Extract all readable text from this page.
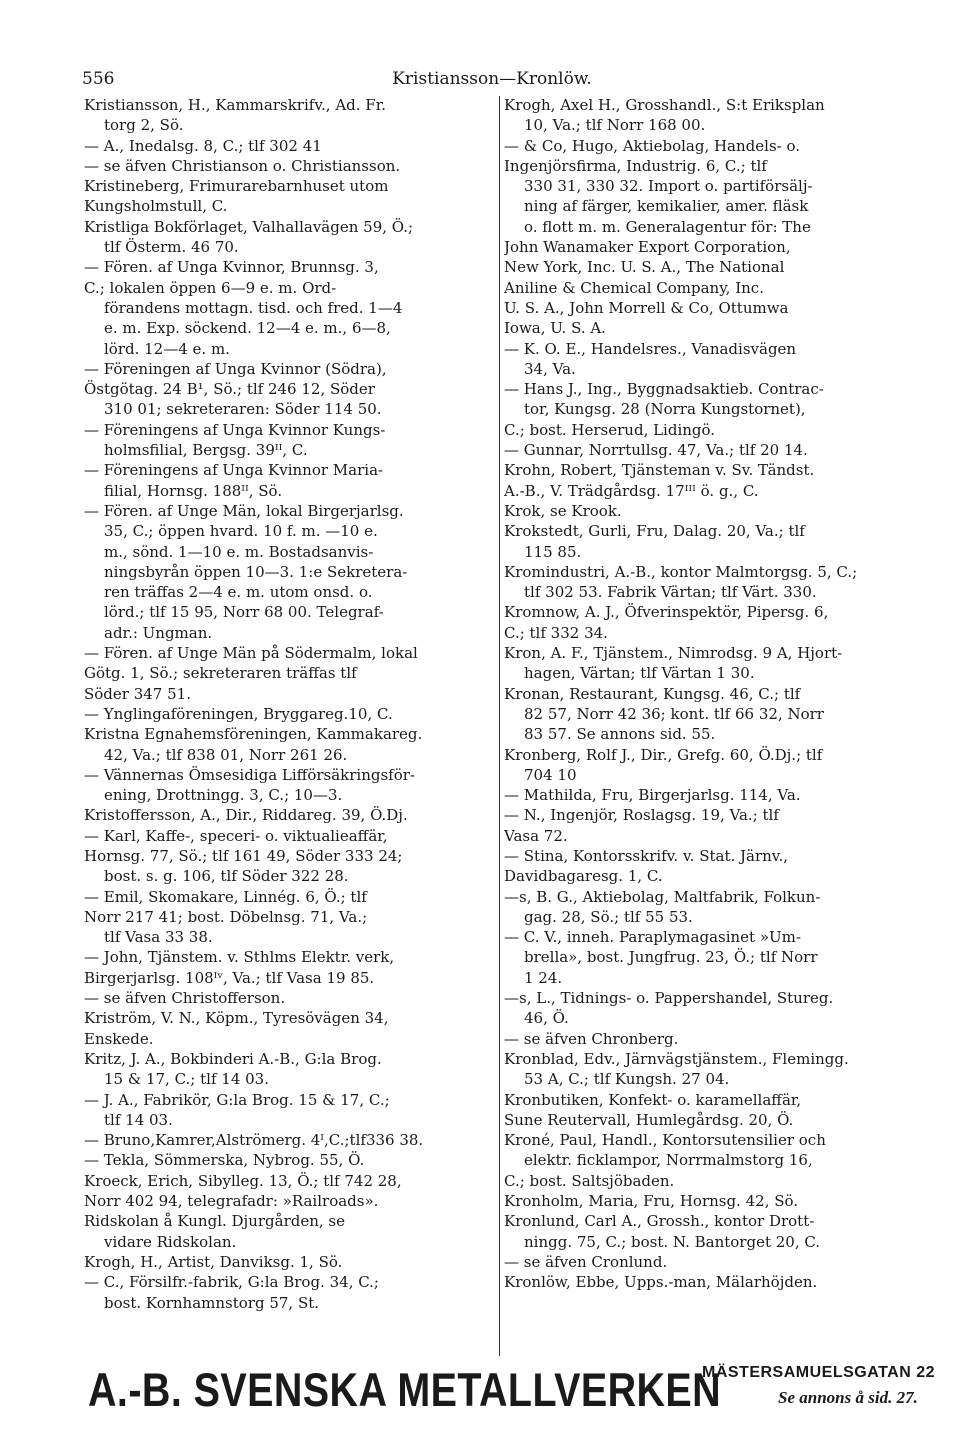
556	Kristiansson—Kronlöw.

Kristiansson, H., Kammarskrifv., Ad. Fr.

torg 2, Sö.

— A., Inedalsg. 8, C.; tlf 302 41

— se äfven Christianson o. Christiansson.

Kristineberg, Frimurarebarnhuset utom

Kungsholmstull, C.

Kristliga Bokförlaget, Valhallavägen 59, Ö.;

tlf Österm. 46 70.

— Fören. af Unga Kvinnor, Brunnsg. 3,

C.; lokalen öppen 6—9 e. m. Ord-

förandens mottagn. tisd. och fred. 1—4

e. m. Exp. söckend. 12—4 e. m., 6—8,

lörd. 12—4 e. m.

— Föreningen af Unga Kvinnor (Södra),

Östgötag. 24 B¹, Sö.; tlf 246 12, Söder

310 01; sekreteraren: Söder 114 50.

— Föreningens af Unga Kvinnor Kungs-

holmsfilial, Bergsg. 39ᴵᴵ, C.

— Föreningens af Unga Kvinnor Maria-

filial, Hornsg. 188ᴵᴵ, Sö.

— Fören. af Unge Män, lokal Birgerjarlsg.

35, C.; öppen hvard. 10 f. m. —10 e.

m., sönd. 1—10 e. m. Bostadsanvis-

ningsbyrån öppen 10—3. 1:e Sekretera-

ren träffas 2—4 e. m. utom onsd. o.

lörd.; tlf 15 95, Norr 68 00. Telegraf-

adr.: Ungman.

— Fören. af Unge Män på Södermalm, lokal

Götg. 1, Sö.; sekreteraren träffas tlf

Söder 347 51.

— Ynglingaföreningen, Bryggareg.10, C.

Kristna Egnahemsföreningen, Kammakareg.

42, Va.; tlf 838 01, Norr 261 26.

— Vännernas Ömsesidiga Lifförsäkringsför-

ening, Drottningg. 3, C.; 10—3.

Kristoffersson, A., Dir., Riddareg. 39, Ö.Dj.

— Karl, Kaffe-, speceri- o. viktualieaffär,

Hornsg. 77, Sö.; tlf 161 49, Söder 333 24;

bost. s. g. 106, tlf Söder 322 28.

— Emil, Skomakare, Linnég. 6, Ö.; tlf

Norr 217 41; bost. Döbelnsg. 71, Va.;

tlf Vasa 33 38.

— John, Tjänstem. v. Sthlms Elektr. verk,

Birgerjarlsg. 108ᴵᵛ, Va.; tlf Vasa 19 85.

— se äfven Christofferson.

Kriström, V. N., Köpm., Tyresövägen 34,

Enskede.

Kritz, J. A., Bokbinderi A.-B., G:la Brog.

15 & 17, C.; tlf 14 03.

— J. A., Fabrikör, G:la Brog. 15 & 17, C.;

tlf 14 03.

— Bruno,Kamrer,Alströmerg. 4ᴵ,C.;tlf336 38.

— Tekla, Sömmerska, Nybrog. 55, Ö.

Kroeck, Erich, Sibylleg. 13, Ö.; tlf 742 28,

Norr 402 94, telegrafadr: »Railroads».

Ridskolan å Kungl. Djurgården, se

vidare Ridskolan.

Krogh, H., Artist, Danviksg. 1, Sö.

— C., Försilfr.-fabrik, G:la Brog. 34, C.;

bost. Kornhamnstorg 57, St.

Krogh, Axel H., Grosshandl., S:t Eriksplan

10, Va.; tlf Norr 168 00.

— & Co, Hugo, Aktiebolag, Handels- o.

Ingenjörsfirma, Industrig. 6, C.; tlf

330 31, 330 32. Import o. partiförsälj-

ning af färger, kemikalier, amer. fläsk

o. flott m. m. Generalagentur för: The

John Wanamaker Export Corporation,

New York, Inc. U. S. A., The National

Aniline & Chemical Company, Inc.

U. S. A., John Morrell & Co, Ottumwa

Iowa, U. S. A.

— K. O. E., Handelsres., Vanadisvägen

34, Va.

— Hans J., Ing., Byggnadsaktieb. Contrac-

tor, Kungsg. 28 (Norra Kungstornet),

C.; bost. Herserud, Lidingö.

— Gunnar, Norrtullsg. 47, Va.; tlf 20 14.

Krohn, Robert, Tjänsteman v. Sv. Tändst.

A.-B., V. Trädgårdsg. 17ᴵᴵᴵ ö. g., C.

Krok, se Krook.

Krokstedt, Gurli, Fru, Dalag. 20, Va.; tlf

115 85.

Kromindustri, A.-B., kontor Malmtorgsg. 5, C.;

tlf 302 53. Fabrik Värtan; tlf Värt. 330.

Kromnow, A. J., Öfverinspektör, Pipersg. 6,

C.; tlf 332 34.

Kron, A. F., Tjänstem., Nimrodsg. 9 A, Hjort-

hagen, Värtan; tlf Värtan 1 30.

Kronan, Restaurant, Kungsg. 46, C.; tlf

82 57, Norr 42 36; kont. tlf 66 32, Norr

83 57. Se annons sid. 55.

Kronberg, Rolf J., Dir., Grefg. 60, Ö.Dj.; tlf

704 10

— Mathilda, Fru, Birgerjarlsg. 114, Va.

— N., Ingenjör, Roslagsg. 19, Va.; tlf

Vasa 72.

— Stina, Kontorsskrifv. v. Stat. Järnv.,

Davidbagaresg. 1, C.

—s, B. G., Aktiebolag, Maltfabrik, Folkun-

gag. 28, Sö.; tlf 55 53.

— C. V., inneh. Paraplymagasinet »Um-

brella», bost. Jungfrug. 23, Ö.; tlf Norr

1 24.

—s, L., Tidnings- o. Pappershandel, Stureg.

46, Ö.

— se äfven Chronberg.

Kronblad, Edv., Järnvägstjänstem., Flemingg.

53 A, C.; tlf Kungsh. 27 04.

Kronbutiken, Konfekt- o. karamellaffär,

Sune Reutervall, Humlegårdsg. 20, Ö.

Kroné, Paul, Handl., Kontorsutensilier och

elektr. ficklampor, Norrmalmstorg 16,

C.; bost. Saltsjöbaden.

Kronholm, Maria, Fru, Hornsg. 42, Sö.

Kronlund, Carl A., Grossh., kontor Drott-

ningg. 75, C.; bost. N. Bantorget 20, C.

— se äfven Cronlund.

Kronlöw, Ebbe, Upps.-man, Mälarhöjden.

A.-B. SVENSKA METALLVERKEN
MÄSTERSAMUELSGATAN 22
Se annons å sid. 27.
